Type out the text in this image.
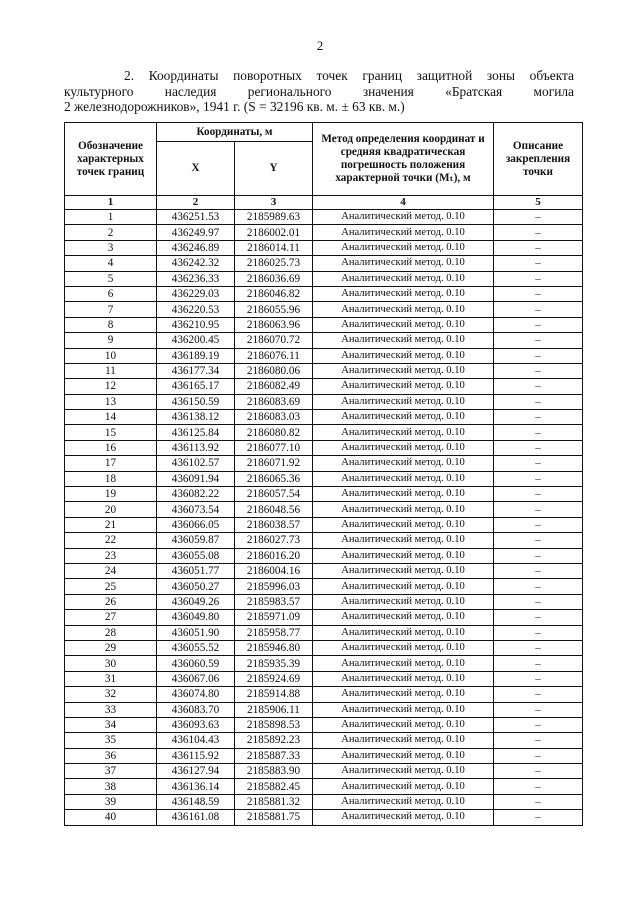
2
2. Координаты поворотных точек границ защитной зоны объекта
культурного наследия регионального значения «Братская могила
2 железнодорожников», 1941 г. (S = 32196 кв. м. ± 63 кв. м.)
Обозначение характерных точек границ	Координаты, м		Метод определения координат и средняя квадратическая погрешность положения характерной точки (Mₜ), м	Описание закрепления точки
	X	Y		
1	2	3	4	5
1	436251.53	2185989.63	Аналитический метод. 0.10	–
2	436249.97	2186002.01	Аналитический метод. 0.10	–
3	436246.89	2186014.11	Аналитический метод. 0.10	–
4	436242.32	2186025.73	Аналитический метод. 0.10	–
5	436236.33	2186036.69	Аналитический метод. 0.10	–
6	436229.03	2186046.82	Аналитический метод. 0.10	–
7	436220.53	2186055.96	Аналитический метод. 0.10	–
8	436210.95	2186063.96	Аналитический метод. 0.10	–
9	436200.45	2186070.72	Аналитический метод. 0.10	–
10	436189.19	2186076.11	Аналитический метод. 0.10	–
11	436177.34	2186080.06	Аналитический метод. 0.10	–
12	436165.17	2186082.49	Аналитический метод. 0.10	–
13	436150.59	2186083.69	Аналитический метод. 0.10	–
14	436138.12	2186083.03	Аналитический метод. 0.10	–
15	436125.84	2186080.82	Аналитический метод. 0.10	–
16	436113.92	2186077.10	Аналитический метод. 0.10	–
17	436102.57	2186071.92	Аналитический метод. 0.10	–
18	436091.94	2186065.36	Аналитический метод. 0.10	–
19	436082.22	2186057.54	Аналитический метод. 0.10	–
20	436073.54	2186048.56	Аналитический метод. 0.10	–
21	436066.05	2186038.57	Аналитический метод. 0.10	–
22	436059.87	2186027.73	Аналитический метод. 0.10	–
23	436055.08	2186016.20	Аналитический метод. 0.10	–
24	436051.77	2186004.16	Аналитический метод. 0.10	–
25	436050.27	2185996.03	Аналитический метод. 0.10	–
26	436049.26	2185983.57	Аналитический метод. 0.10	–
27	436049.80	2185971.09	Аналитический метод. 0.10	–
28	436051.90	2185958.77	Аналитический метод. 0.10	–
29	436055.52	2185946.80	Аналитический метод. 0.10	–
30	436060.59	2185935.39	Аналитический метод. 0.10	–
31	436067.06	2185924.69	Аналитический метод. 0.10	–
32	436074.80	2185914.88	Аналитический метод. 0.10	–
33	436083.70	2185906.11	Аналитический метод. 0.10	–
34	436093.63	2185898.53	Аналитический метод. 0.10	–
35	436104.43	2185892.23	Аналитический метод. 0.10	–
36	436115.92	2185887.33	Аналитический метод. 0.10	–
37	436127.94	2185883.90	Аналитический метод. 0.10	–
38	436136.14	2185882.45	Аналитический метод. 0.10	–
39	436148.59	2185881.32	Аналитический метод. 0.10	–
40	436161.08	2185881.75	Аналитический метод. 0.10	–
